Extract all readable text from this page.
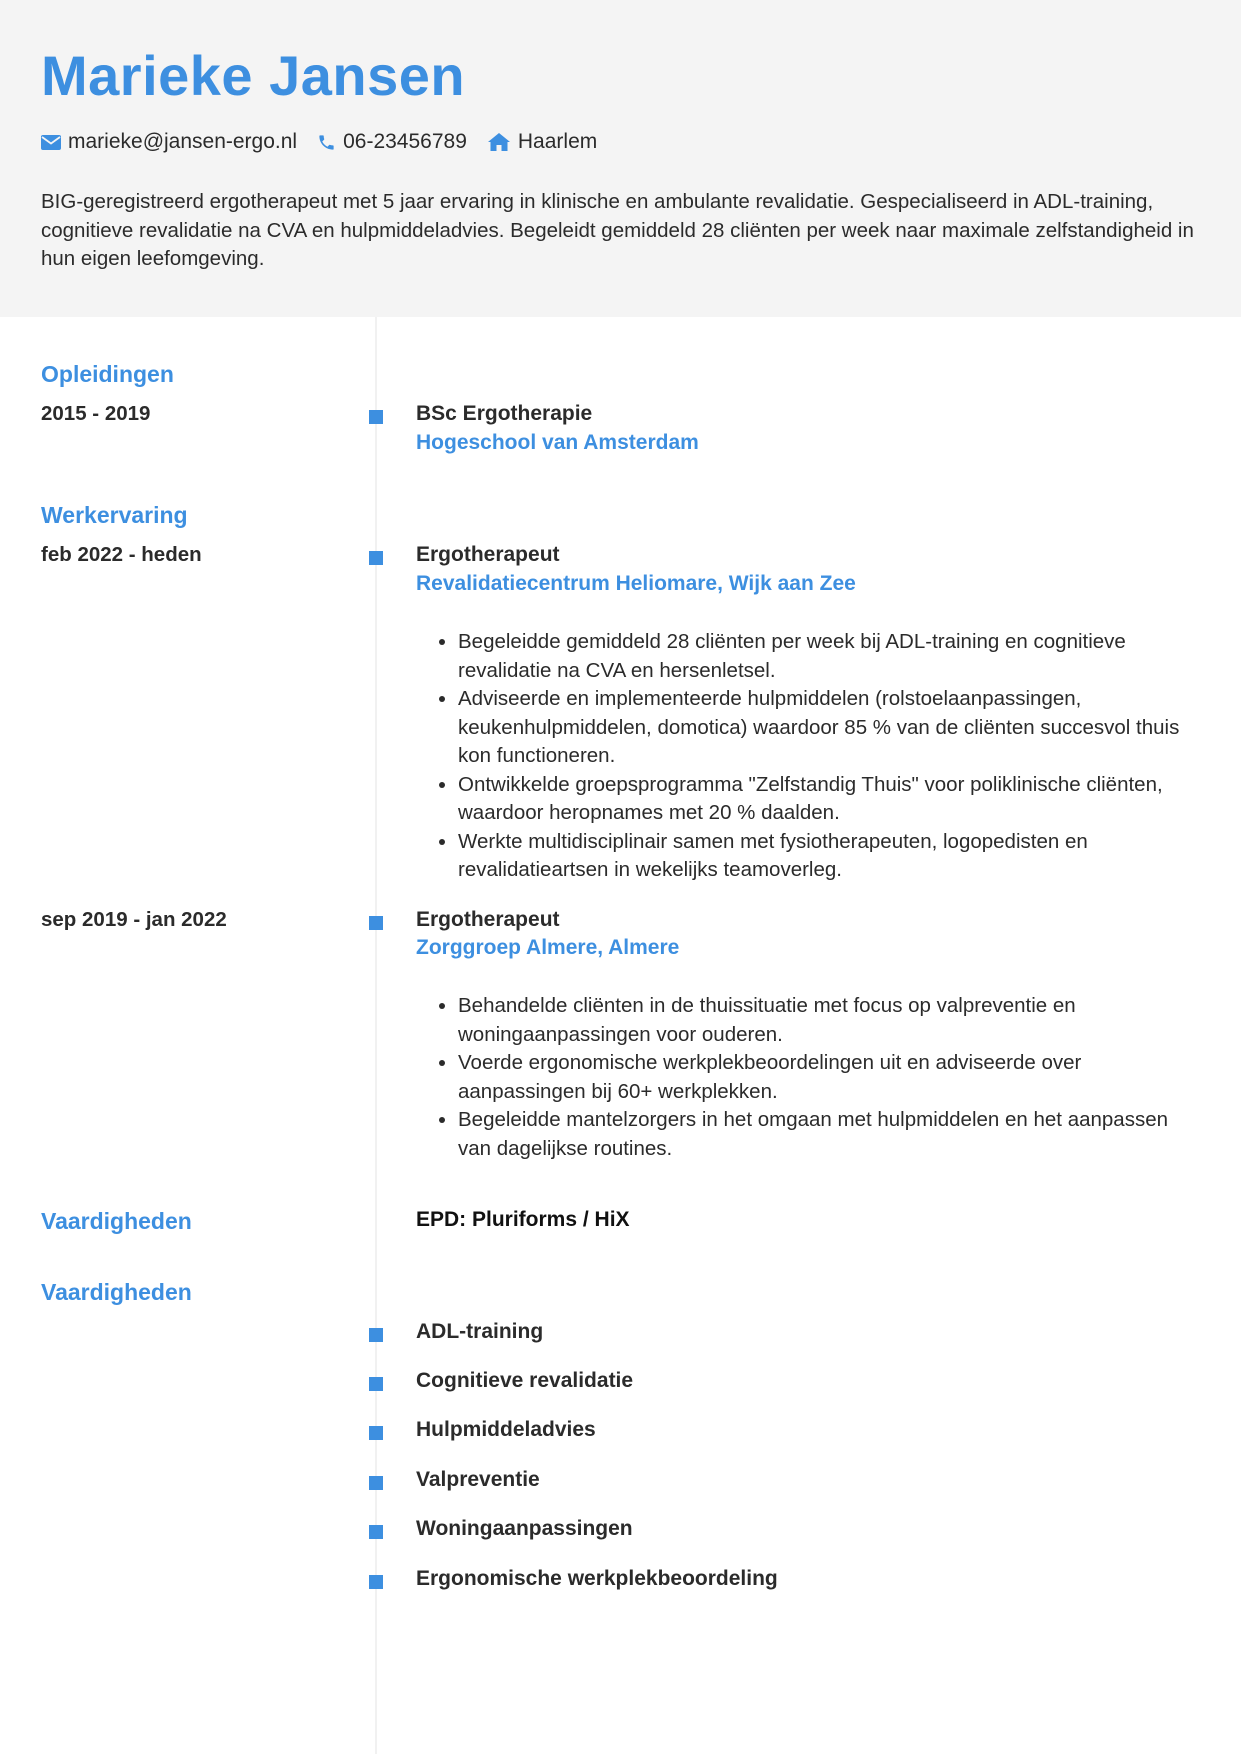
Marieke Jansen
marieke@jansen-ergo.nl 06-23456789 Haarlem

BIG-geregistreerd ergotherapeut met 5 jaar ervaring in klinische en ambulante revalidatie. Gespecialiseerd in ADL-training, cognitieve revalidatie na CVA en hulpmiddeladvies. Begeleidt gemiddeld 28 cliënten per week naar maximale zelfstandigheid in hun eigen leefomgeving.

Opleidingen
2015 - 2019	BSc Ergotherapie
Hogeschool van Amsterdam
Werkervaring
feb 2022 - heden	Ergotherapeut
Revalidatiecentrum Heliomare, Wijk aan Zee
• Begeleidde gemiddeld 28 cliënten per week bij ADL-training en cognitieve revalidatie na CVA en hersenletsel.
• Adviseerde en implementeerde hulpmiddelen (rolstoelaanpassingen, keukenhulpmiddelen, domotica) waardoor 85 % van de cliënten succesvol thuis kon functioneren.
• Ontwikkelde groepsprogramma "Zelfstandig Thuis" voor poliklinische cliënten, waardoor heropnames met 20 % daalden.
• Werkte multidisciplinair samen met fysiotherapeuten, logopedisten en revalidatieartsen in wekelijks teamoverleg.
sep 2019 - jan 2022	Ergotherapeut
Zorggroep Almere, Almere
• Behandelde cliënten in de thuissituatie met focus op valpreventie en woningaanpassingen voor ouderen.
• Voerde ergonomische werkplekbeoordelingen uit en adviseerde over aanpassingen bij 60+ werkplekken.
• Begeleidde mantelzorgers in het omgaan met hulpmiddelen en het aanpassen van dagelijkse routines.
Vaardigheden	EPD: Pluriforms / HiX
Vaardigheden
ADL-training
Cognitieve revalidatie
Hulpmiddeladvies
Valpreventie
Woningaanpassingen
Ergonomische werkplekbeoordeling
